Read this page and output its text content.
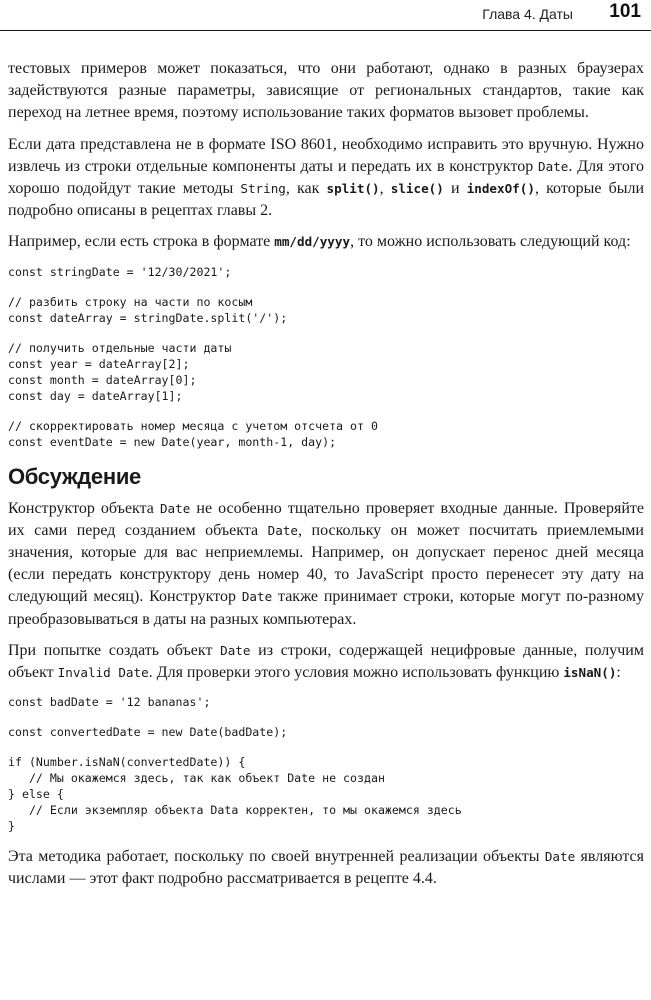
Глава 4. Даты 101

тестовых примеров может показаться, что они работают, однако в разных браузерах задействуются разные параметры, зависящие от региональных стандартов, такие как переход на летнее время, поэтому использование таких форматов вызовет проблемы.

Если дата представлена не в формате ISO 8601, необходимо исправить это вручную. Нужно извлечь из строки отдельные компоненты даты и передать их в конструктор Date. Для этого хорошо подойдут такие методы String, как split(), slice() и indexOf(), которые были подробно описаны в рецептах главы 2.

Например, если есть строка в формате mm/dd/yyyy, то можно использовать следующий код:

const stringDate = '12/30/2021';
// разбить строку на части по косым
const dateArray = stringDate.split('/');
// получить отдельные части даты
const year = dateArray[2];
const month = dateArray[0];
const day = dateArray[1];
// скорректировать номер месяца с учетом отсчета от 0
const eventDate = new Date(year, month-1, day);
Обсуждение

Конструктор объекта Date не особенно тщательно проверяет входные данные. Проверяйте их сами перед созданием объекта Date, поскольку он может посчитать приемлемыми значения, которые для вас неприемлемы. Например, он допускает перенос дней месяца (если передать конструктору день номер 40, то JavaScript просто перенесет эту дату на следующий месяц). Конструктор Date также принимает строки, которые могут по-разному преобразовываться в даты на разных компьютерах.

При попытке создать объект Date из строки, содержащей нецифровые данные, получим объект Invalid Date. Для проверки этого условия можно использовать функцию isNaN():

const badDate = '12 bananas';
const convertedDate = new Date(badDate);
if (Number.isNaN(convertedDate)) {
// Мы окажемся здесь, так как объект Date не создан
} else {
// Если экземпляр объекта Data корректен, то мы окажемся здесь
}

Эта методика работает, поскольку по своей внутренней реализации объекты Date являются числами — этот факт подробно рассматривается в рецепте 4.4.
